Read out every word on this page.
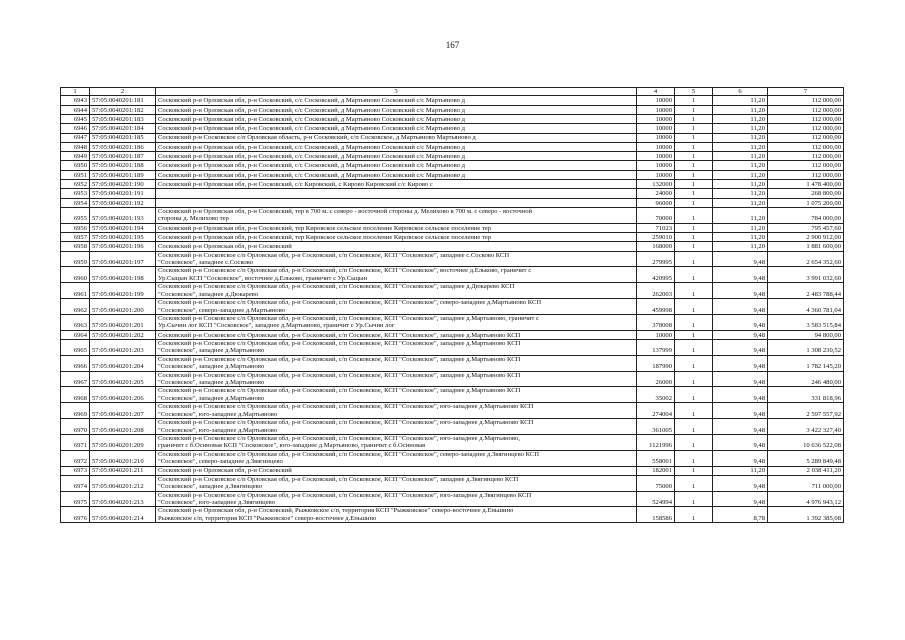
167
1	2	3	4	5	6	7
6943	57:05:0040201:181	Сосковский р-н Орловская обл, р-н Сосковский, с/с Сосковский, д Мартьяново Сосковский с/с Мартьяново д	10000	1	11,20	112 000,00
6944	57:05:0040201:182	Сосковский р-н Орловская обл, р-н Сосковский, с/с Сосковский, д Мартьяново Сосковский с/с Мартьяново д	10000	1	11,20	112 000,00
6945	57:05:0040201:183	Сосковский р-н Орловская обл, р-н Сосковский, с/с Сосковский, д Мартьяново Сосковский с/с Мартьяново д	10000	1	11,20	112 000,00
6946	57:05:0040201:184	Сосковский р-н Орловская обл, р-н Сосковский, с/с Сосковский, д Мартьяново Сосковский с/с Мартьяново д	10000	1	11,20	112 000,00
6947	57:05:0040201:185	Сосковский р-н Сосковское с/п Орловская область, р-н Сосковский, с/п Сосковское, д Мартьяново Мартьяново д	10000	1	11,20	112 000,00
6948	57:05:0040201:186	Сосковский р-н Орловская обл, р-н Сосковский, с/с Сосковский, д Мартьяново Сосковский с/с Мартьяново д	10000	1	11,20	112 000,00
6949	57:05:0040201:187	Сосковский р-н Орловская обл, р-н Сосковский, с/с Сосковский, д Мартьяново Сосковский с/с Мартьяново д	10000	1	11,20	112 000,00
6950	57:05:0040201:188	Сосковский р-н Орловская обл, р-н Сосковский, с/с Сосковский, д Мартьяново Сосковский с/с Мартьяново д	10000	1	11,20	112 000,00
6951	57:05:0040201:189	Сосковский р-н Орловская обл, р-н Сосковский, с/с Сосковский, д Мартьяново Сосковский с/с Мартьяново д	10000	1	11,20	112 000,00
6952	57:05:0040201:190	Сосковский р-н Орловская обл, р-н Сосковский, с/с Кировский, с Кирово Кировский с/с Кирово с	132000	1	11,20	1 478 400,00
6953	57:05:0040201:191		24000	1	11,20	268 800,00
6954	57:05:0040201:192		96000	1	11,20	1 075 200,00
6955	57:05:0040201:193	Сосковский р-н Орловская обл, р-н Сосковский, тер в 700 м. с северо - восточной стороны д. Мелихово в 700 м. с северо - восточной
стороны д. Мелихово тер	70000	1	11,20	784 000,00
6956	57:05:0040201:194	Сосковский р-н Орловская обл, р-н Сосковский, тер Кировское сельское поселение Кировское сельское поселение тер	71023	1	11,20	795 457,60
6957	57:05:0040201:195	Сосковский р-н Орловская обл, р-н Сосковский, тер Кировское сельское поселение Кировское сельское поселение тер	259010	1	11,20	2 900 912,00
6958	57:05:0040201:196	Сосковский р-н Орловская обл, р-н Сосковский	168000	1	11,20	1 881 600,00
6959	57:05:0040201:197	Сосковский р-н Сосковское с/п Орловская обл, р-н Сосковский, с/п Сосковское, КСП "Сосковское", западнее с.Сосково КСП
"Сосковское", западнее с.Сосково	279995	1	9,48	2 654 352,60
6960	57:05:0040201:198	Сосковский р-н Сосковское с/п Орловская обл, р-н Сосковский, с/п Сосковское, КСП "Сосковское", восточнее д.Ельково, граничит с
Ур.Сыцын КСП "Сосковское", восточнее д.Ельково, граничит с Ур.Сыцын	420995	1	9,48	3 991 032,60
6961	57:05:0040201:199	Сосковский р-н Сосковское с/п Орловская обл, р-н Сосковский, с/п Сосковское, КСП "Сосковское", западнее д.Дюкарево КСП
"Сосковское", западнее д.Дюкарево	262003	1	9,48	2 483 788,44
6962	57:05:0040201:200	Сосковский р-н Сосковское с/п Орловская обл, р-н Сосковский, с/п Сосковское, КСП "Сосковское", северо-западнее д.Мартьяново КСП
"Сосковское", северо-западнее д.Мартьяново	459998	1	9,48	4 360 781,04
6963	57:05:0040201:201	Сосковский р-н Сосковское с/п Орловская обл, р-н Сосковский, с/п Сосковское, КСП "Сосковское", западнее д.Мартьяново, граничит с
Ур.Сычин лог КСП "Сосковское", западнее д.Мартьяново, граничит с Ур.Сычин лог	378008	1	9,48	3 583 515,84
6964	57:05:0040201:202	Сосковский р-н Сосковское с/п Орловская обл, р-н Сосковский, с/п Сосковское, КСП "Сосковское", западнее д.Мартьяново КСП	10000	1	9,48	94 800,00
6965	57:05:0040201:203	Сосковский р-н Сосковское с/п Орловская обл, р-н Сосковский, с/п Сосковское, КСП "Сосковское", западнее д.Мартьяново КСП
"Сосковское", западнее д.Мартьяново	137999	1	9,48	1 308 230,52
6966	57:05:0040201:204	Сосковский р-н Сосковское с/п Орловская обл, р-н Сосковский, с/п Сосковское, КСП "Сосковское", западнее д.Мартьяново КСП
"Сосковское", западнее д.Мартьяново	187990	1	9,48	1 782 145,20
6967	57:05:0040201:205	Сосковский р-н Сосковское с/п Орловская обл, р-н Сосковский, с/п Сосковское, КСП "Сосковское", западнее д.Мартьяново КСП
"Сосковское", западнее д.Мартьяново	26000	1	9,48	246 480,00
6968	57:05:0040201:206	Сосковский р-н Сосковское с/п Орловская обл, р-н Сосковский, с/п Сосковское, КСП "Сосковское", западнее д.Мартьяново КСП
"Сосковское", западнее д.Мартьяново	35002	1	9,48	331 818,96
6969	57:05:0040201:207	Сосковский р-н Сосковское с/п Орловская обл, р-н Сосковский, с/п Сосковское, КСП "Сосковское", юго-западнее д.Мартьяново КСП
"Сосковское", юго-западнее д.Мартьяново	274004	1	9,48	2 597 557,92
6970	57:05:0040201:208	Сосковский р-н Сосковское с/п Орловская обл, р-н Сосковский, с/п Сосковское, КСП "Сосковское", юго-западнее д.Мартьяново КСП
"Сосковское", юго-западнее д.Мартьяново	361005	1	9,48	3 422 327,40
6971	57:05:0040201:209	Сосковский р-н Сосковское с/п Орловская обл, р-н Сосковский, с/п Сосковское, КСП "Сосковское", юго-западнее д.Мартьяново,
граничит с б.Осиновая КСП "Сосковское", юго-западнее д.Мартьяново, граничит с б.Осиновая	1121996	1	9,48	10 636 522,08
6972	57:05:0040201:210	Сосковский р-н Сосковское с/п Орловская обл, р-н Сосковский, с/п Сосковское, КСП "Сосковское", северо-западнее д.Звягинцево КСП
"Сосковское", северо-западнее д.Звягинцево	558001	1	9,48	5 289 849,48
6973	57:05:0040201:211	Сосковский р-н Орловская обл, р-н Сосковский	182001	1	11,20	2 038 411,20
6974	57:05:0040201:212	Сосковский р-н Сосковское с/п Орловская обл, р-н Сосковский, с/п Сосковское, КСП "Сосковское", западнее д.Звягинцево КСП
"Сосковское", западнее д.Звягинцево	75000	1	9,48	711 000,00
6975	57:05:0040201:213	Сосковский р-н Сосковское с/п Орловская обл, р-н Сосковский, с/п Сосковское, КСП "Сосковское", юго-западнее д.Звягинцево КСП
"Сосковское", юго-западнее д.Звягинцево	524994	1	9,48	4 976 943,12
6976	57:05:0040201:214	Сосковский р-н Орловская обл, р-н Сосковский, Рыжковское с/п, территория КСП "Рыжковское" северо-восточнее д.Еньшино
Рыжковское с/п, территория КСП "Рыжковское" северо-восточнее д.Еньшино	158586	1	8,78	1 392 385,08
